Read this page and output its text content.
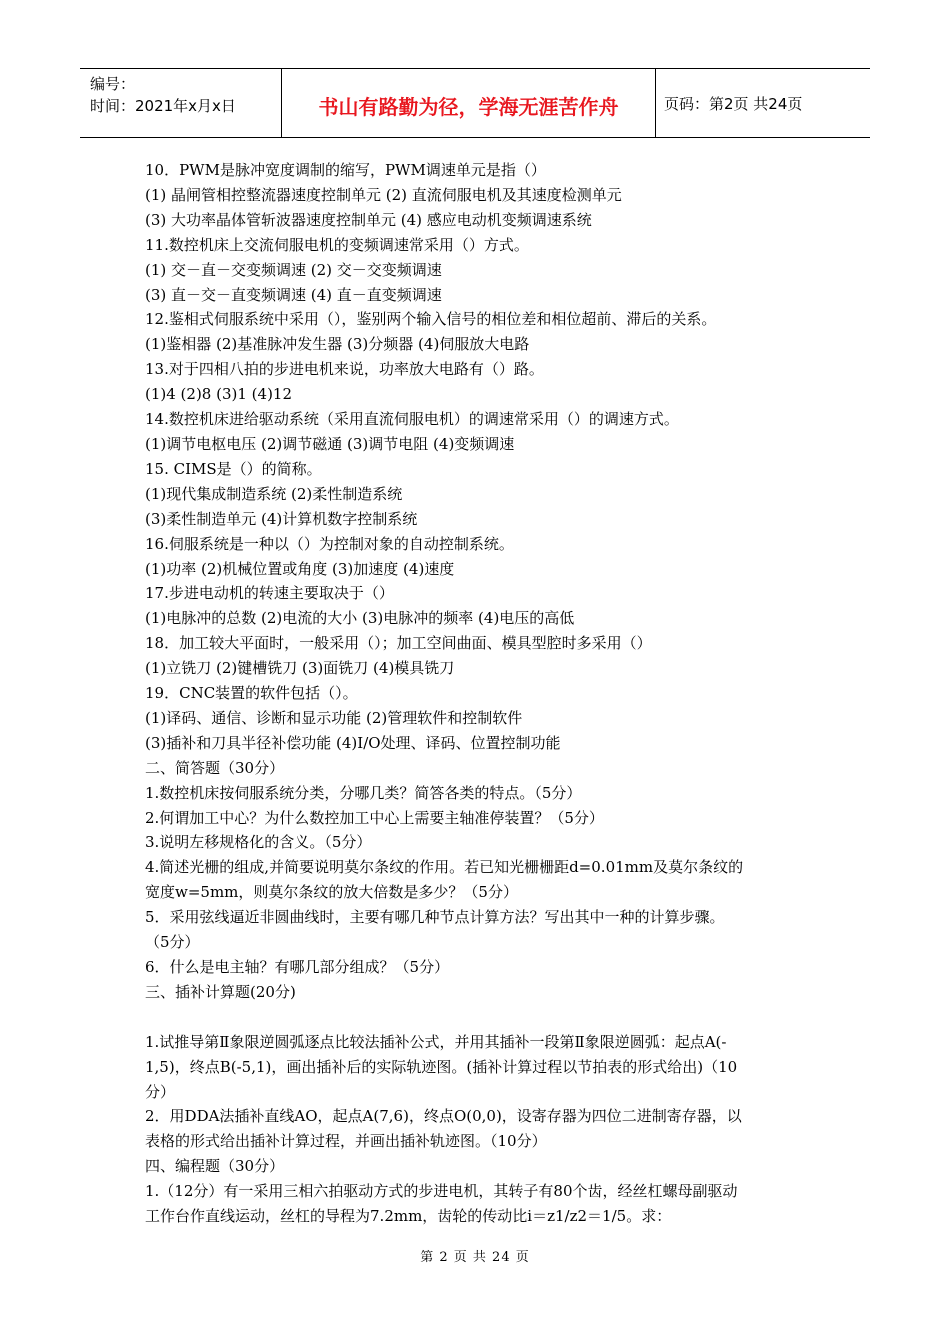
编号：
时间：2021年x月x日	书山有路勤为径，学海无涯苦作舟	页码：第2页 共24页
10．PWM是脉冲宽度调制的缩写，PWM调速单元是指（）
(1) 晶闸管相控整流器速度控制单元 (2) 直流伺服电机及其速度检测单元
(3) 大功率晶体管斩波器速度控制单元 (4) 感应电动机变频调速系统
11.数控机床上交流伺服电机的变频调速常采用（）方式。
(1) 交－直－交变频调速 (2) 交－交变频调速
(3) 直－交－直变频调速 (4) 直－直变频调速
12.鉴相式伺服系统中采用（），鉴别两个输入信号的相位差和相位超前、滞后的关系。
(1)鉴相器 (2)基准脉冲发生器 (3)分频器 (4)伺服放大电路
13.对于四相八拍的步进电机来说，功率放大电路有（）路。
(1)4 (2)8 (3)1 (4)12
14.数控机床进给驱动系统（采用直流伺服电机）的调速常采用（）的调速方式。
(1)调节电枢电压 (2)调节磁通 (3)调节电阻 (4)变频调速
15. CIMS是（）的简称。
(1)现代集成制造系统 (2)柔性制造系统
(3)柔性制造单元 (4)计算机数字控制系统
16.伺服系统是一种以（）为控制对象的自动控制系统。
(1)功率 (2)机械位置或角度 (3)加速度 (4)速度
17.步进电动机的转速主要取决于（）
(1)电脉冲的总数 (2)电流的大小 (3)电脉冲的频率 (4)电压的高低
18．加工较大平面时，一般采用（）；加工空间曲面、模具型腔时多采用（）
(1)立铣刀 (2)键槽铣刀 (3)面铣刀 (4)模具铣刀
19．CNC装置的软件包括（）。
(1)译码、通信、诊断和显示功能 (2)管理软件和控制软件
(3)插补和刀具半径补偿功能 (4)I/O处理、译码、位置控制功能
二、简答题（30分）
1.数控机床按伺服系统分类，分哪几类？简答各类的特点。（5分）
2.何谓加工中心？为什么数控加工中心上需要主轴准停装置？（5分）
3.说明左移规格化的含义。（5分）
4.简述光栅的组成,并简要说明莫尔条纹的作用。若已知光栅栅距d=0.01mm及莫尔条纹的
宽度w=5mm，则莫尔条纹的放大倍数是多少？（5分）
5．采用弦线逼近非圆曲线时，主要有哪几种节点计算方法？写出其中一种的计算步骤。
（5分）
6．什么是电主轴？有哪几部分组成？（5分）
三、插补计算题(20分)
1.试推导第Ⅱ象限逆圆弧逐点比较法插补公式，并用其插补一段第Ⅱ象限逆圆弧：起点A(-
1,5)，终点B(-5,1)，画出插补后的实际轨迹图。(插补计算过程以节拍表的形式给出)（10
分）
2．用DDA法插补直线AO，起点A(7,6)，终点O(0,0)，设寄存器为四位二进制寄存器，以
表格的形式给出插补计算过程，并画出插补轨迹图。（10分）
四、编程题（30分）
1.（12分）有一采用三相六拍驱动方式的步进电机，其转子有80个齿，经丝杠螺母副驱动
工作台作直线运动，丝杠的导程为7.2mm，齿轮的传动比i＝z1/z2＝1/5。求：
第 2 页 共 24 页
